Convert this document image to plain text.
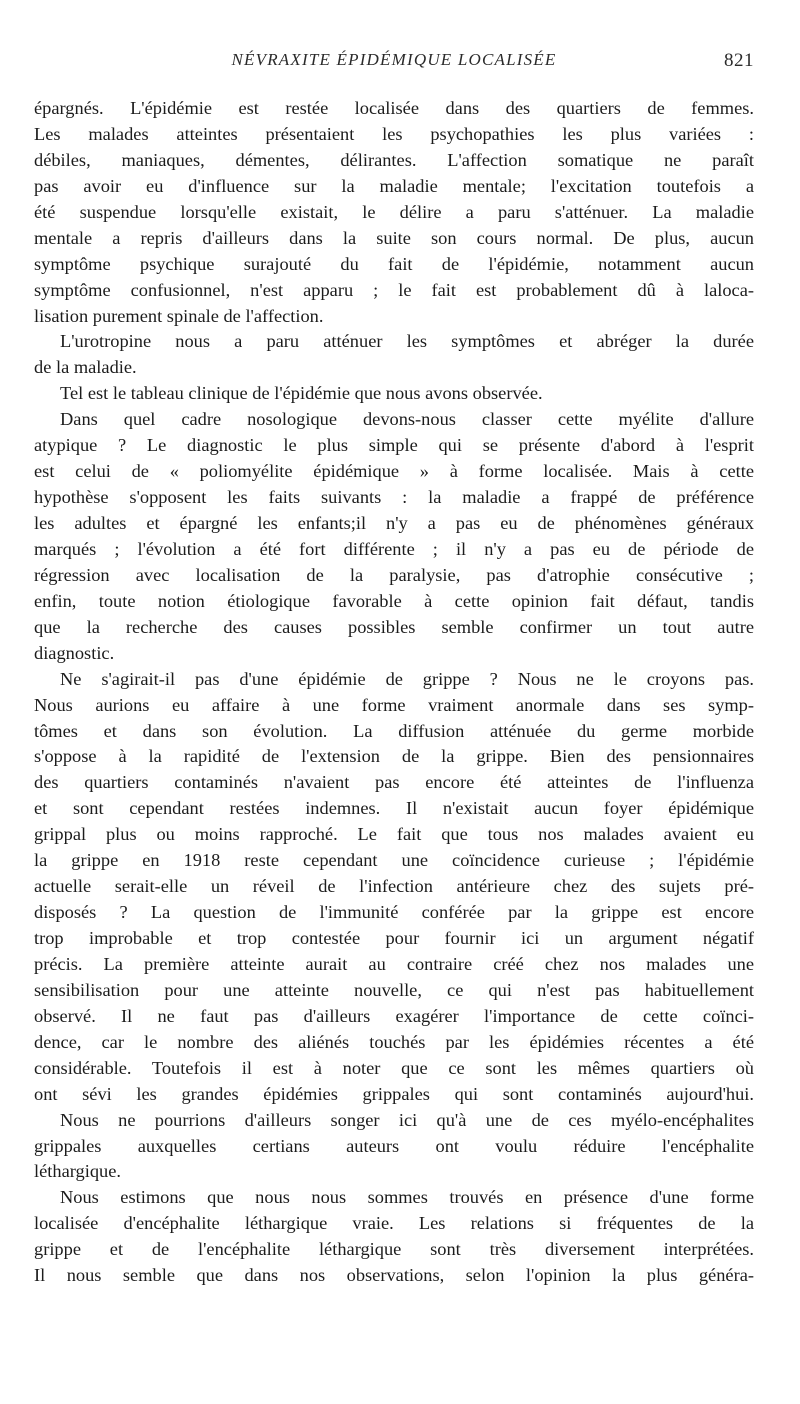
NÉVRAXITE ÉPIDÉMIQUE LOCALISÉE	821
épargnés. L'épidémie est restée localisée dans des quartiers de femmes.
Les malades atteintes présentaient les psychopathies les plus variées :
débiles, maniaques, démentes, délirantes. L'affection somatique ne paraît
pas avoir eu d'influence sur la maladie mentale; l'excitation toutefois a
été suspendue lorsqu'elle existait, le délire a paru s'atténuer. La maladie
mentale a repris d'ailleurs dans la suite son cours normal. De plus, aucun
symptôme psychique surajouté du fait de l'épidémie, notamment aucun
symptôme confusionnel, n'est apparu ; le fait est probablement dû à laloca-
lisation purement spinale de l'affection.
L'urotropine nous a paru atténuer les symptômes et abréger la durée
de la maladie.
Tel est le tableau clinique de l'épidémie que nous avons observée.
Dans quel cadre nosologique devons-nous classer cette myélite d'allure
atypique ? Le diagnostic le plus simple qui se présente d'abord à l'esprit
est celui de « poliomyélite épidémique » à forme localisée. Mais à cette
hypothèse s'opposent les faits suivants : la maladie a frappé de préférence
les adultes et épargné les enfants;il n'y a pas eu de phénomènes généraux
marqués ; l'évolution a été fort différente ; il n'y a pas eu de période de
régression avec localisation de la paralysie, pas d'atrophie consécutive ;
enfin, toute notion étiologique favorable à cette opinion fait défaut, tandis
que la recherche des causes possibles semble confirmer un tout autre
diagnostic.
Ne s'agirait-il pas d'une épidémie de grippe ? Nous ne le croyons pas.
Nous aurions eu affaire à une forme vraiment anormale dans ses symp-
tômes et dans son évolution. La diffusion atténuée du germe morbide
s'oppose à la rapidité de l'extension de la grippe. Bien des pensionnaires
des quartiers contaminés n'avaient pas encore été atteintes de l'influenza
et sont cependant restées indemnes. Il n'existait aucun foyer épidémique
grippal plus ou moins rapproché. Le fait que tous nos malades avaient eu
la grippe en 1918 reste cependant une coïncidence curieuse ; l'épidémie
actuelle serait-elle un réveil de l'infection antérieure chez des sujets pré-
disposés ? La question de l'immunité conférée par la grippe est encore
trop improbable et trop contestée pour fournir ici un argument négatif
précis. La première atteinte aurait au contraire créé chez nos malades une
sensibilisation pour une atteinte nouvelle, ce qui n'est pas habituellement
observé. Il ne faut pas d'ailleurs exagérer l'importance de cette coïnci-
dence, car le nombre des aliénés touchés par les épidémies récentes a été
considérable. Toutefois il est à noter que ce sont les mêmes quartiers où
ont sévi les grandes épidémies grippales qui sont contaminés aujourd'hui.
Nous ne pourrions d'ailleurs songer ici qu'à une de ces myélo-encéphalites
grippales auxquelles certians auteurs ont voulu réduire l'encéphalite
léthargique.
Nous estimons que nous nous sommes trouvés en présence d'une forme
localisée d'encéphalite léthargique vraie. Les relations si fréquentes de la
grippe et de l'encéphalite léthargique sont très diversement interprétées.
Il nous semble que dans nos observations, selon l'opinion la plus généra-
